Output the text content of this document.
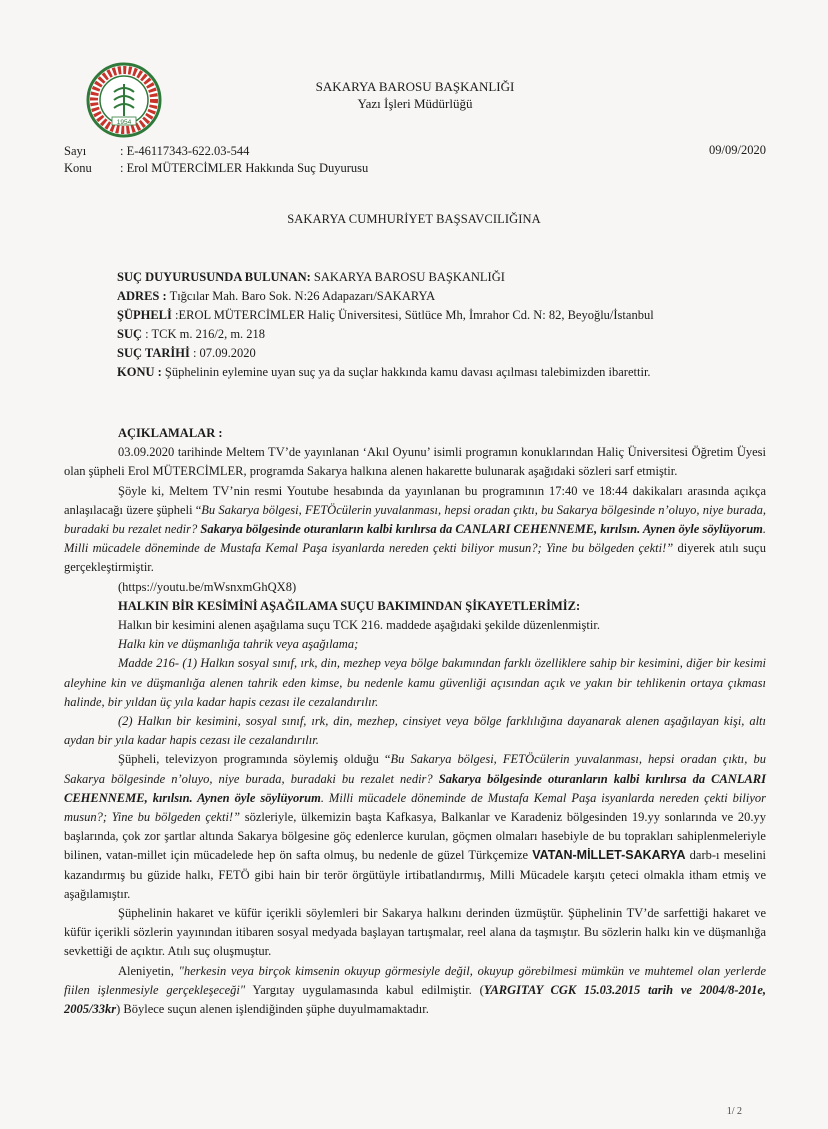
1954
SAKARYA BAROSU BAŞKANLIĞI
Yazı İşleri Müdürlüğü
Sayı	: E-46117343-622.03-544
Konu : Erol MÜTERCİMLER Hakkında Suç Duyurusu
09/09/2020
SAKARYA CUMHURİYET BAŞSAVCILIĞINA
SUÇ DUYURUSUNDA BULUNAN: SAKARYA BAROSU BAŞKANLIĞI
ADRES : Tığcılar Mah. Baro Sok. N:26 Adapazarı/SAKARYA
ŞÜPHELİ :EROL MÜTERCİMLER Haliç Üniversitesi, Sütlüce Mh, İmrahor Cd. N: 82, Beyoğlu/İstanbul
SUÇ : TCK m. 216/2, m. 218
SUÇ TARİHİ : 07.09.2020
KONU : Şüphelinin eylemine uyan suç ya da suçlar hakkında kamu davası açılması talebimizden ibarettir.

AÇIKLAMALAR :

03.09.2020 tarihinde Meltem TV’de yayınlanan ‘Akıl Oyunu’ isimli programın konuklarından Haliç Üniversitesi Öğretim Üyesi olan şüpheli Erol MÜTERCİMLER, programda Sakarya halkına alenen hakarette bulunarak aşağıdaki sözleri sarf etmiştir.

Şöyle ki, Meltem TV’nin resmi Youtube hesabında da yayınlanan bu programının 17:40 ve 18:44 dakikaları arasında açıkça anlaşılacağı üzere şüpheli “Bu Sakarya bölgesi, FETÖcülerin yuvalanması, hepsi oradan çıktı, bu Sakarya bölgesinde n’oluyo, niye burada, buradaki bu rezalet nedir? Sakarya bölgesinde oturanların kalbi kırılırsa da CANLARI CEHENNEME, kırılsın. Aynen öyle söylüyorum. Milli mücadele döneminde de Mustafa Kemal Paşa isyanlarda nereden çekti biliyor musun?; Yine bu bölgeden çekti!” diyerek atılı suçu gerçekleştirmiştir.

(https://youtu.be/mWsnxmGhQX8)

HALKIN BİR KESİMİNİ AŞAĞILAMA SUÇU BAKIMINDAN ŞİKAYETLERİMİZ:

Halkın bir kesimini alenen aşağılama suçu TCK 216. maddede aşağıdaki şekilde düzenlenmiştir.

Halkı kin ve düşmanlığa tahrik veya aşağılama;

Madde 216- (1) Halkın sosyal sınıf, ırk, din, mezhep veya bölge bakımından farklı özelliklere sahip bir kesimini, diğer bir kesimi aleyhine kin ve düşmanlığa alenen tahrik eden kimse, bu nedenle kamu güvenliği açısından açık ve yakın bir tehlikenin ortaya çıkması halinde, bir yıldan üç yıla kadar hapis cezası ile cezalandırılır.

(2) Halkın bir kesimini, sosyal sınıf, ırk, din, mezhep, cinsiyet veya bölge farklılığına dayanarak alenen aşağılayan kişi, altı aydan bir yıla kadar hapis cezası ile cezalandırılır.

Şüpheli, televizyon programında söylemiş olduğu “Bu Sakarya bölgesi, FETÖcülerin yuvalanması, hepsi oradan çıktı, bu Sakarya bölgesinde n’oluyo, niye burada, buradaki bu rezalet nedir? Sakarya bölgesinde oturanların kalbi kırılırsa da CANLARI CEHENNEME, kırılsın. Aynen öyle söylüyorum. Milli mücadele döneminde de Mustafa Kemal Paşa isyanlarda nereden çekti biliyor musun?; Yine bu bölgeden çekti!” sözleriyle, ülkemizin başta Kafkasya, Balkanlar ve Karadeniz bölgesinden 19.yy sonlarında ve 20.yy başlarında, çok zor şartlar altında Sakarya bölgesine göç edenlerce kurulan, göçmen olmaları hasebiyle de bu toprakları sahiplenmeleriyle bilinen, vatan-millet için mücadelede hep ön safta olmuş, bu nedenle de güzel Türkçemize VATAN-MİLLET-SAKARYA darb-ı meselini kazandırmış bu güzide halkı, FETÖ gibi hain bir terör örgütüyle irtibatlandırmış, Milli Mücadele karşıtı çeteci olmakla itham etmiş ve aşağılamıştır.

Şüphelinin hakaret ve küfür içerikli söylemleri bir Sakarya halkını derinden üzmüştür. Şüphelinin TV’de sarfettiği hakaret ve küfür içerikli sözlerin yayınından itibaren sosyal medyada başlayan tartışmalar, reel alana da taşmıştır. Bu sözlerin halkı kin ve düşmanlığa sevkettiği de açıktır. Atılı suç oluşmuştur.

Aleniyetin, "herkesin veya birçok kimsenin okuyup görmesiyle değil, okuyup görebilmesi mümkün ve muhtemel olan yerlerde fiilen işlenmesiyle gerçekleşeceği" Yargıtay uygulamasında kabul edilmiştir. (YARGITAY CGK 15.03.2015 tarih ve 2004/8-201e, 2005/33kr) Böylece suçun alenen işlendiğinden şüphe duyulmamaktadır.

1/ 2
